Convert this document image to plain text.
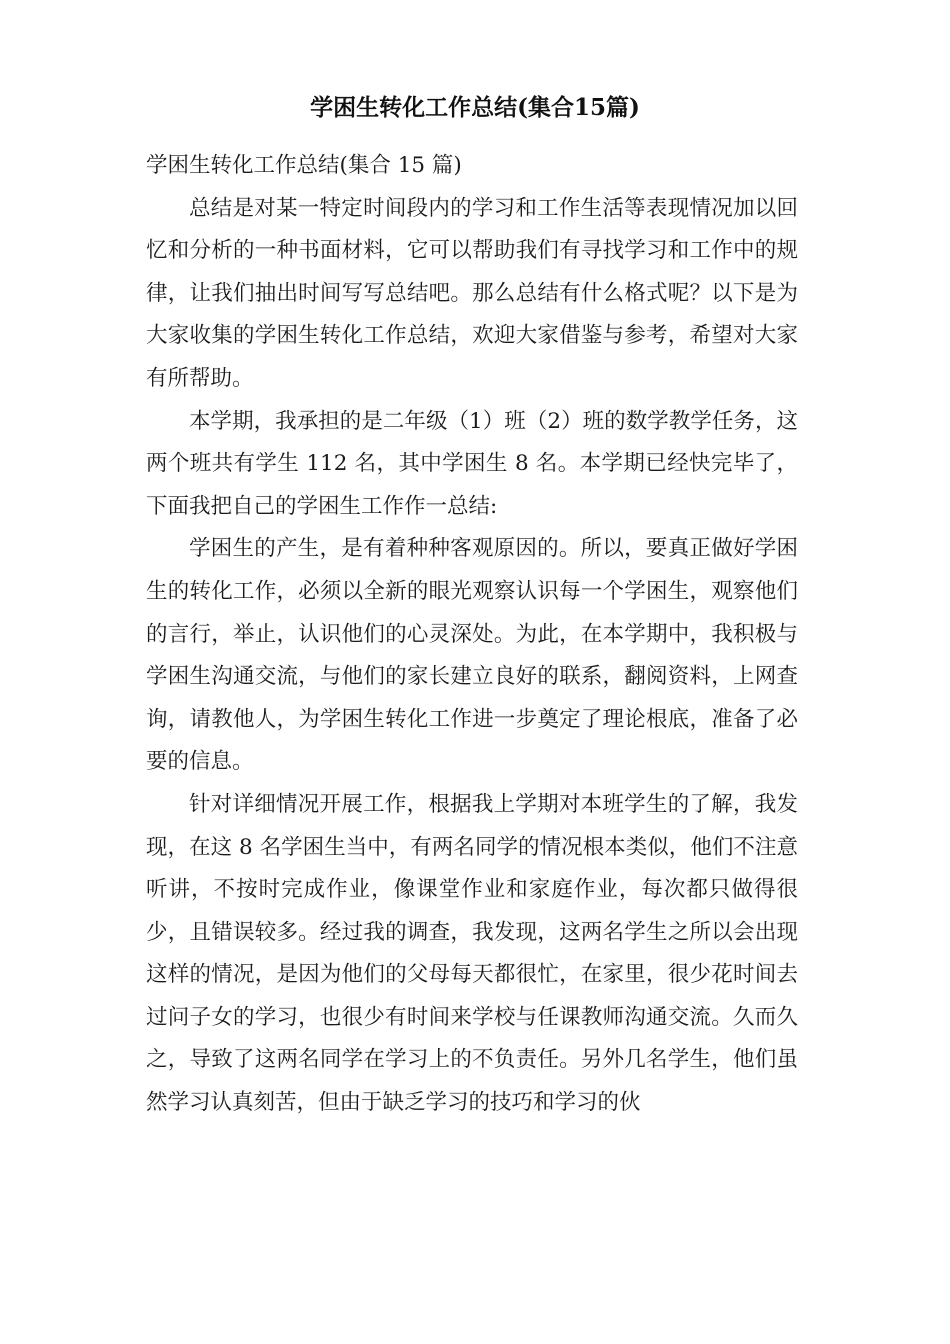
学困生转化工作总结(集合15篇)

学困生转化工作总结(集合 15 篇)

总结是对某一特定时间段内的学习和工作生活等表现情况加以回忆和分析的一种书面材料，它可以帮助我们有寻找学习和工作中的规律，让我们抽出时间写写总结吧。那么总结有什么格式呢？以下是为大家收集的学困生转化工作总结，欢迎大家借鉴与参考，希望对大家有所帮助。

本学期，我承担的是二年级（1）班（2）班的数学教学任务，这两个班共有学生 112 名，其中学困生 8 名。本学期已经快完毕了，下面我把自己的学困生工作作一总结:

学困生的产生，是有着种种客观原因的。所以，要真正做好学困生的转化工作，必须以全新的眼光观察认识每一个学困生，观察他们的言行，举止，认识他们的心灵深处。为此，在本学期中，我积极与学困生沟通交流，与他们的家长建立良好的联系，翻阅资料，上网查询，请教他人，为学困生转化工作进一步奠定了理论根底，准备了必要的信息。

针对详细情况开展工作，根据我上学期对本班学生的了解，我发现，在这 8 名学困生当中，有两名同学的情况根本类似，他们不注意听讲，不按时完成作业，像课堂作业和家庭作业，每次都只做得很少，且错误较多。经过我的调查，我发现，这两名学生之所以会出现这样的情况，是因为他们的父母每天都很忙，在家里，很少花时间去过问子女的学习，也很少有时间来学校与任课教师沟通交流。久而久之，导致了这两名同学在学习上的不负责任。另外几名学生，他们虽然学习认真刻苦，但由于缺乏学习的技巧和学习的伙
